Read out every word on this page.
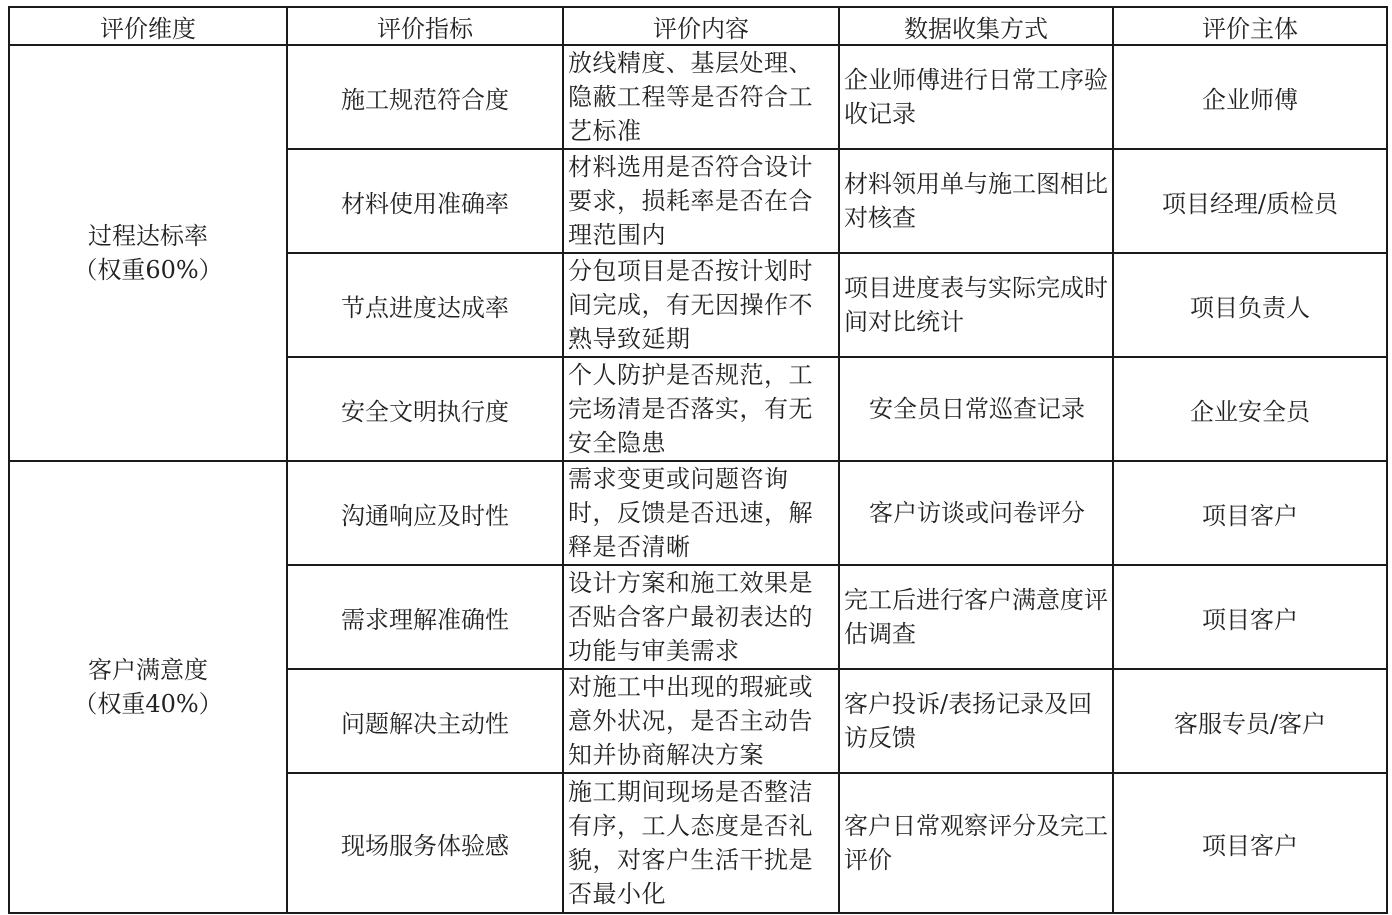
评价维度	评价指标	评价内容	数据收集方式	评价主体

过程达标率
（权重60%）	施工规范符合度	放线精度、基层处理、隐蔽工程等是否符合工艺标准	企业师傅进行日常工序验收记录	企业师傅
	材料使用准确率	材料选用是否符合设计要求，损耗率是否在合理范围内	材料领用单与施工图相比对核查	项目经理/质检员
	节点进度达成率	分包项目是否按计划时间完成，有无因操作不熟导致延期	项目进度表与实际完成时间对比统计	项目负责人
	安全文明执行度	个人防护是否规范，工完场清是否落实，有无安全隐患	安全员日常巡查记录	企业安全员

客户满意度
（权重40%）	沟通响应及时性	需求变更或问题咨询时，反馈是否迅速，解释是否清晰	客户访谈或问卷评分	项目客户
	需求理解准确性	设计方案和施工效果是否贴合客户最初表达的功能与审美需求	完工后进行客户满意度评估调查	项目客户
	问题解决主动性	对施工中出现的瑕疵或意外状况，是否主动告知并协商解决方案	客户投诉/表扬记录及回访反馈	客服专员/客户
	现场服务体验感	施工期间现场是否整洁有序，工人态度是否礼貌，对客户生活干扰是否最小化	客户日常观察评分及完工评价	项目客户
